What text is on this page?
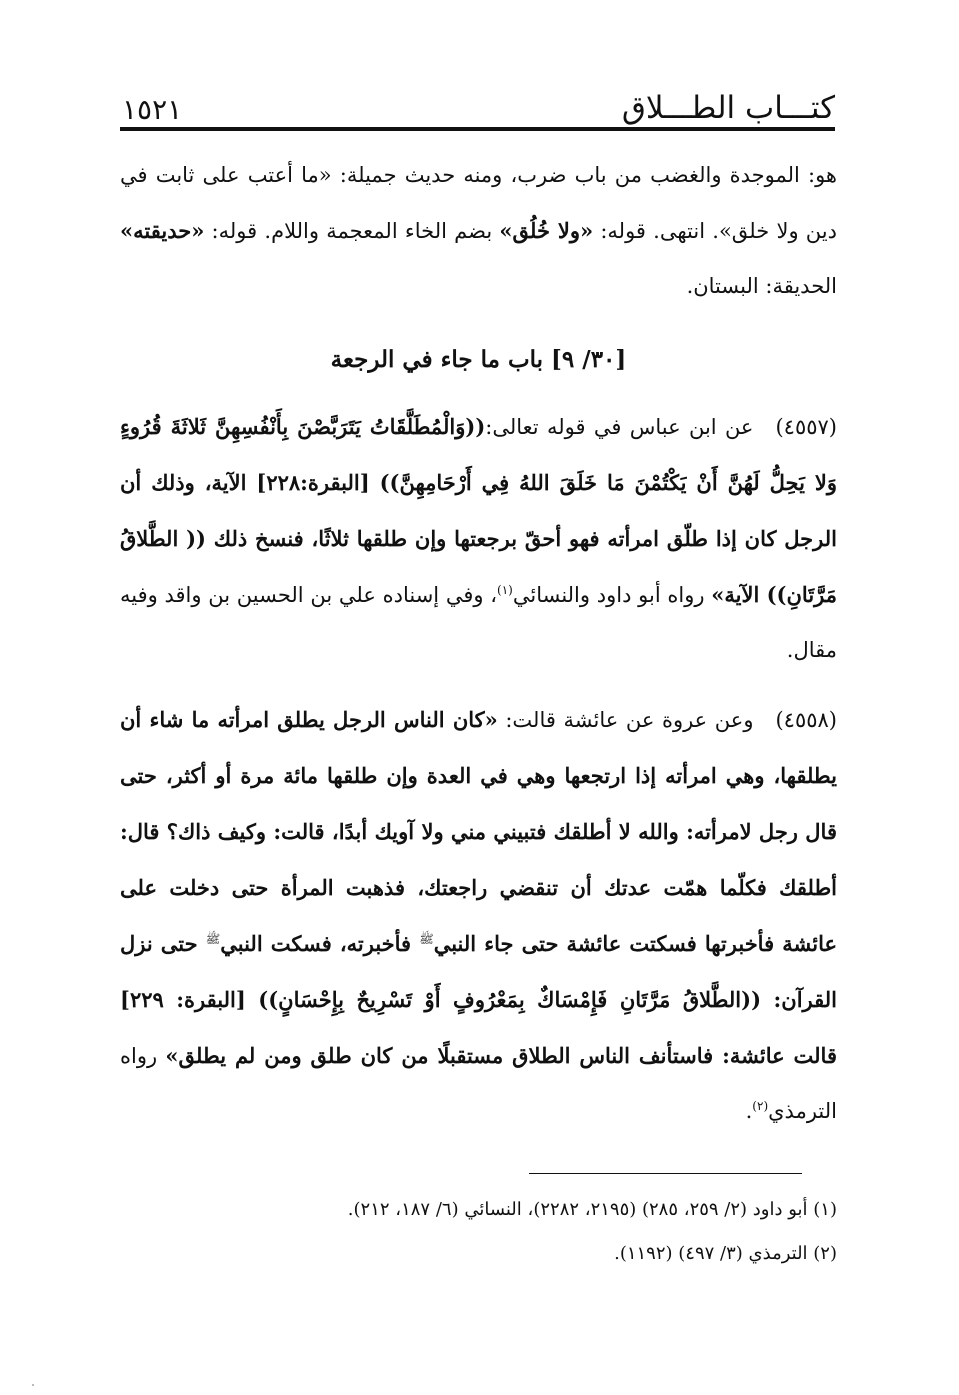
كتـــاب الطـــلاق
١٥٢١

هو: الموجدة والغضب من باب ضرب، ومنه حديث جميلة: «ما أعتب على ثابت في دين ولا خلق». انتهى. قوله: «ولا خُلُق» بضم الخاء المعجمة واللام. قوله: «حديقته» الحديقة: البستان.

[٣٠/ ٩] باب ما جاء في الرجعة

(٤٥٥٧)عن ابن عباس في قوله تعالى:((وَالْمُطَلَّقَاتُ يَتَرَبَّصْنَ بِأَنْفُسِهِنَّ ثَلاثَةَ قُرُوءٍ وَلا يَحِلُّ لَهُنَّ أَنْ يَكْتُمْنَ مَا خَلَقَ اللهُ فِي أَرْحَامِهِنَّ)) [البقرة:٢٢٨] الآية، وذلك أن الرجل كان إذا طلّق امرأته فهو أحقّ برجعتها وإن طلقها ثلاثًا، فنسخ ذلك (( الطَّلاقُ مَرَّتَانِ)) الآية» رواه أبو داود والنسائي$^{(١)}$، وفي إسناده علي بن الحسين بن واقد وفيه مقال.

(٤٥٥٨)وعن عروة عن عائشة قالت: «كان الناس الرجل يطلق امرأته ما شاء أن يطلقها، وهي امرأته إذا ارتجعها وهي في العدة وإن طلقها مائة مرة أو أكثر، حتى قال رجل لامرأته: والله لا أطلقك فتبيني مني ولا آويك أبدًا، قالت: وكيف ذاك؟ قال: أطلقك فكلّما همّت عدتك أن تنقضي راجعتك، فذهبت المرأة حتى دخلت على عائشة فأخبرتها فسكتت عائشة حتى جاء النبي$^ﷺ$ فأخبرته، فسكت النبي$^ﷺ$ حتى نزل القرآن: ((الطَّلاقُ مَرَّتَانِ فَإِمْسَاكٌ بِمَعْرُوفٍ أَوْ تَسْرِيحٌ بِإِحْسَانٍ)) [البقرة: ٢٢٩] قالت عائشة: فاستأنف الناس الطلاق مستقبلًا من كان طلق ومن لم يطلق» رواه الترمذي$^{(٢)}$.

(١) أبو داود (٢/ ٢٥٩، ٢٨٥) (٢١٩٥، ٢٢٨٢)، النسائي (٦/ ١٨٧، ٢١٢).

(٢) الترمذي (٣/ ٤٩٧) (١١٩٢).
